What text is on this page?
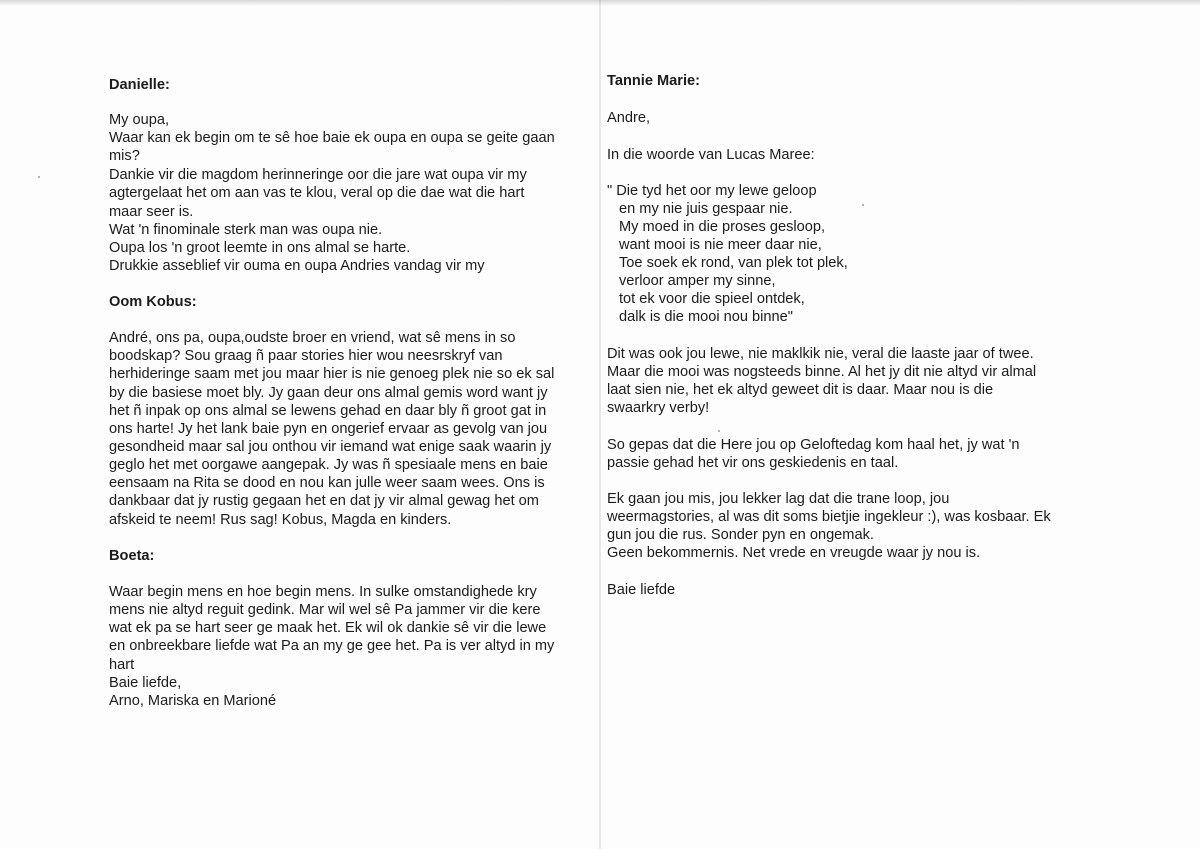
Danielle:
My oupa,
Waar kan ek begin om te sê hoe baie ek oupa en oupa se geite gaan
mis?
Dankie vir die magdom herinneringe oor die jare wat oupa vir my
agtergelaat het om aan vas te klou, veral op die dae wat die hart
maar seer is.
Wat 'n finominale sterk man was oupa nie.
Oupa los 'n groot leemte in ons almal se harte.
Drukkie asseblief vir ouma en oupa Andries vandag vir my
Oom Kobus:
André, ons pa, oupa,oudste broer en vriend, wat sê mens in so
boodskap? Sou graag ñ paar stories hier wou neesrskryf van
herhideringe saam met jou maar hier is nie genoeg plek nie so ek sal
by die basiese moet bly. Jy gaan deur ons almal gemis word want jy
het ñ inpak op ons almal se lewens gehad en daar bly ñ groot gat in
ons harte! Jy het lank baie pyn en ongerief ervaar as gevolg van jou
gesondheid maar sal jou onthou vir iemand wat enige saak waarin jy
geglo het met oorgawe aangepak. Jy was ñ spesiaale mens en baie
eensaam na Rita se dood en nou kan julle weer saam wees. Ons is
dankbaar dat jy rustig gegaan het en dat jy vir almal gewag het om
afskeid te neem! Rus sag! Kobus, Magda en kinders.
Boeta:
Waar begin mens en hoe begin mens. In sulke omstandighede kry
mens nie altyd reguit gedink. Mar wil wel sê Pa jammer vir die kere
wat ek pa se hart seer ge maak het. Ek wil ok dankie sê vir die lewe
en onbreekbare liefde wat Pa an my ge gee het. Pa is ver altyd in my
hart
Baie liefde,
Arno, Mariska en Marioné
Tannie Marie:
Andre,
In die woorde van Lucas Maree:
" Die tyd het oor my lewe geloop
en my nie juis gespaar nie.
My moed in die proses gesloop,
want mooi is nie meer daar nie,
Toe soek ek rond, van plek tot plek,
verloor amper my sinne,
tot ek voor die spieel ontdek,
dalk is die mooi nou binne"
Dit was ook jou lewe, nie maklkik nie, veral die laaste jaar of twee.
Maar die mooi was nogsteeds binne. Al het jy dit nie altyd vir almal
laat sien nie, het ek altyd geweet dit is daar. Maar nou is die
swaarkry verby!
So gepas dat die Here jou op Geloftedag kom haal het, jy wat 'n
passie gehad het vir ons geskiedenis en taal.
Ek gaan jou mis, jou lekker lag dat die trane loop, jou
weermagstories, al was dit soms bietjie ingekleur :), was kosbaar. Ek
gun jou die rus. Sonder pyn en ongemak.
Geen bekommernis. Net vrede en vreugde waar jy nou is.
Baie liefde
